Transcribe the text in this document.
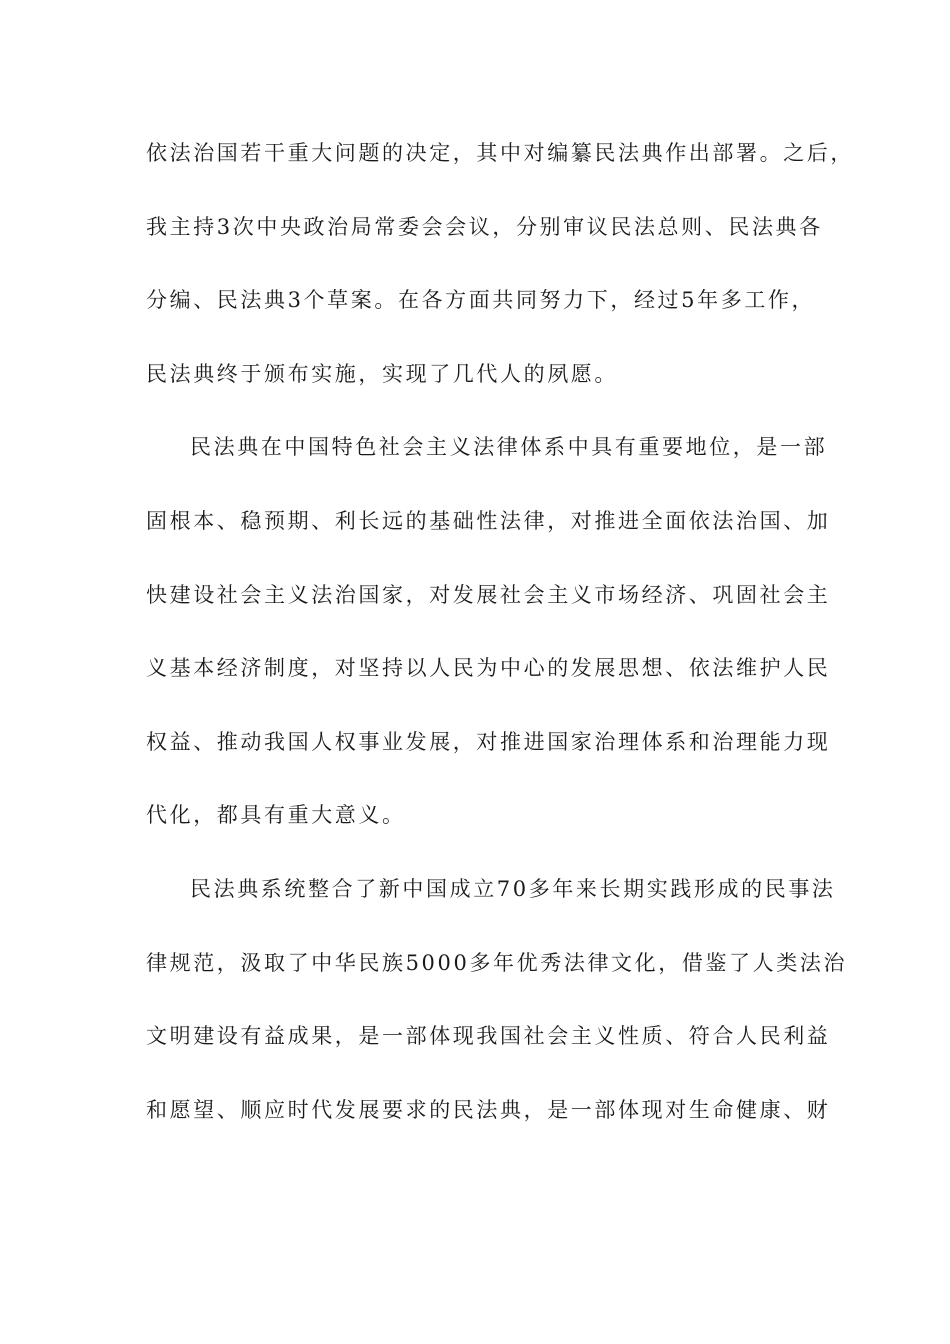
依法治国若干重大问题的决定，其中对编纂民法典作出部署。之后，
我主持3次中央政治局常委会会议，分别审议民法总则、民法典各
分编、民法典3个草案。在各方面共同努力下，经过5年多工作，
民法典终于颁布实施，实现了几代人的夙愿。
民法典在中国特色社会主义法律体系中具有重要地位，是一部
固根本、稳预期、利长远的基础性法律，对推进全面依法治国、加
快建设社会主义法治国家，对发展社会主义市场经济、巩固社会主
义基本经济制度，对坚持以人民为中心的发展思想、依法维护人民
权益、推动我国人权事业发展，对推进国家治理体系和治理能力现
代化，都具有重大意义。
民法典系统整合了新中国成立70多年来长期实践形成的民事法
律规范，汲取了中华民族5000多年优秀法律文化，借鉴了人类法治
文明建设有益成果，是一部体现我国社会主义性质、符合人民利益
和愿望、顺应时代发展要求的民法典，是一部体现对生命健康、财
